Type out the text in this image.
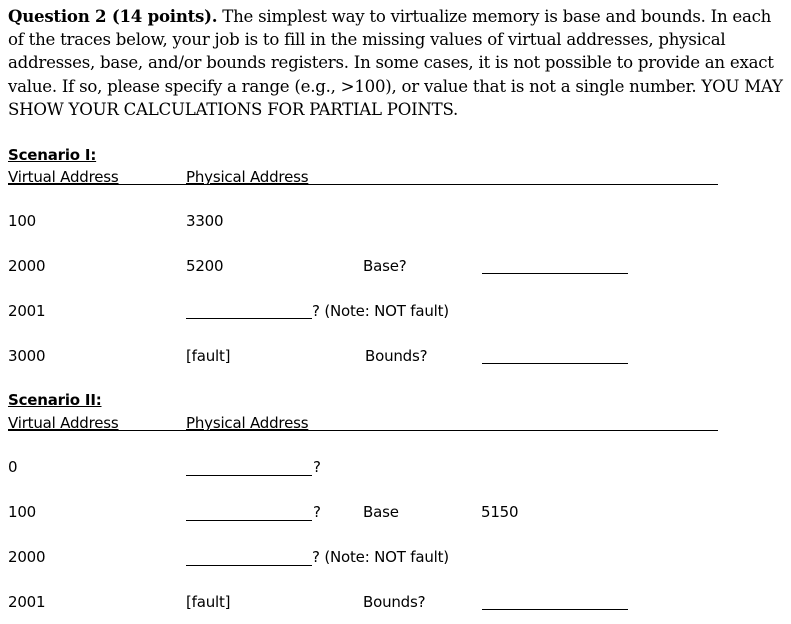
Question 2 (14 points). The simplest way to virtualize memory is base and bounds. In each of the traces below, your job is to fill in the missing values of virtual addresses, physical addresses, base, and/or bounds registers. In some cases, it is not possible to provide an exact value. If so, please specify a range (e.g., >100), or value that is not a single number. YOU MAY SHOW YOUR CALCULATIONS FOR PARTIAL POINTS.
Scenario I:
Virtual Address	Physical Address
100	3300
2000	5200	Base?
2001	? (Note: NOT fault)
3000	[fault]	Bounds?
Scenario II:
Virtual Address	Physical Address
0	?
100	?	Base	5150
2000	? (Note: NOT fault)
2001	[fault]	Bounds?
